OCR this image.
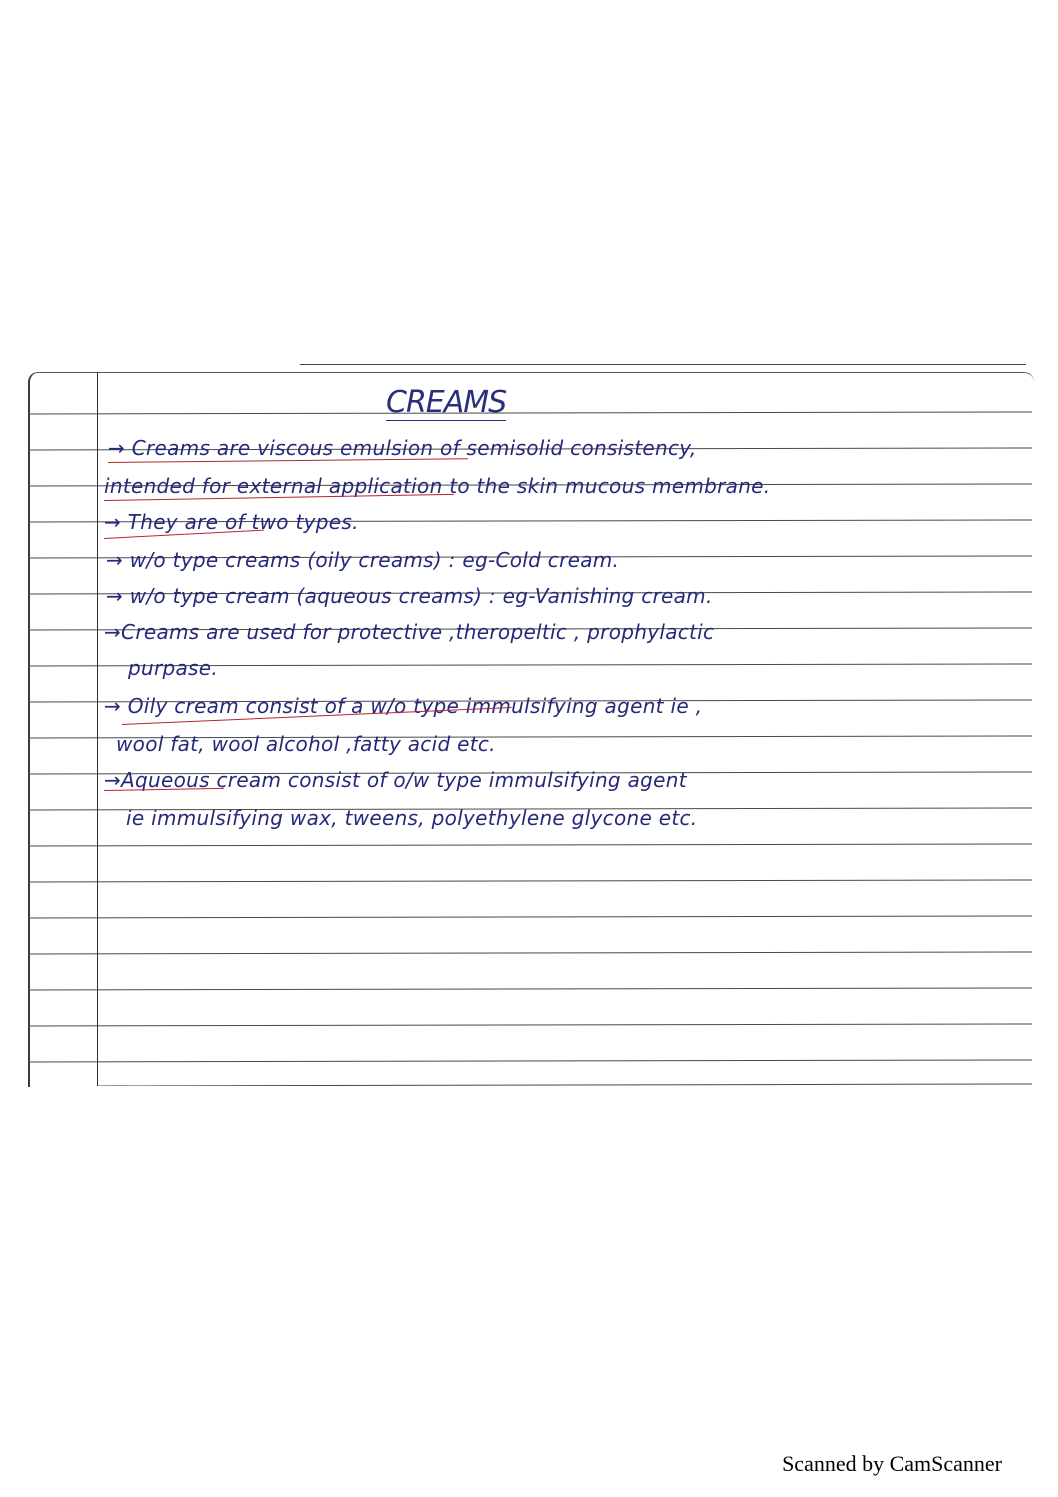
CREAMS
→ Creams are viscous emulsion of semisolid consistency,
intended for external application to the skin mucous membrane.
→ They are of two types.
→ w/o type creams (oily creams) : eg-Cold cream.
→ w/o type cream (aqueous creams) : eg-Vanishing cream.
→Creams are used for protective ,theropeltic , prophylactic
purpase.
→ Oily cream consist of a w/o type immulsifying agent ie ,
wool fat, wool alcohol ,fatty acid etc.
→Aqueous cream consist of o/w type immulsifying agent
ie immulsifying wax, tweens, polyethylene glycone etc.
Scanned by CamScanner
